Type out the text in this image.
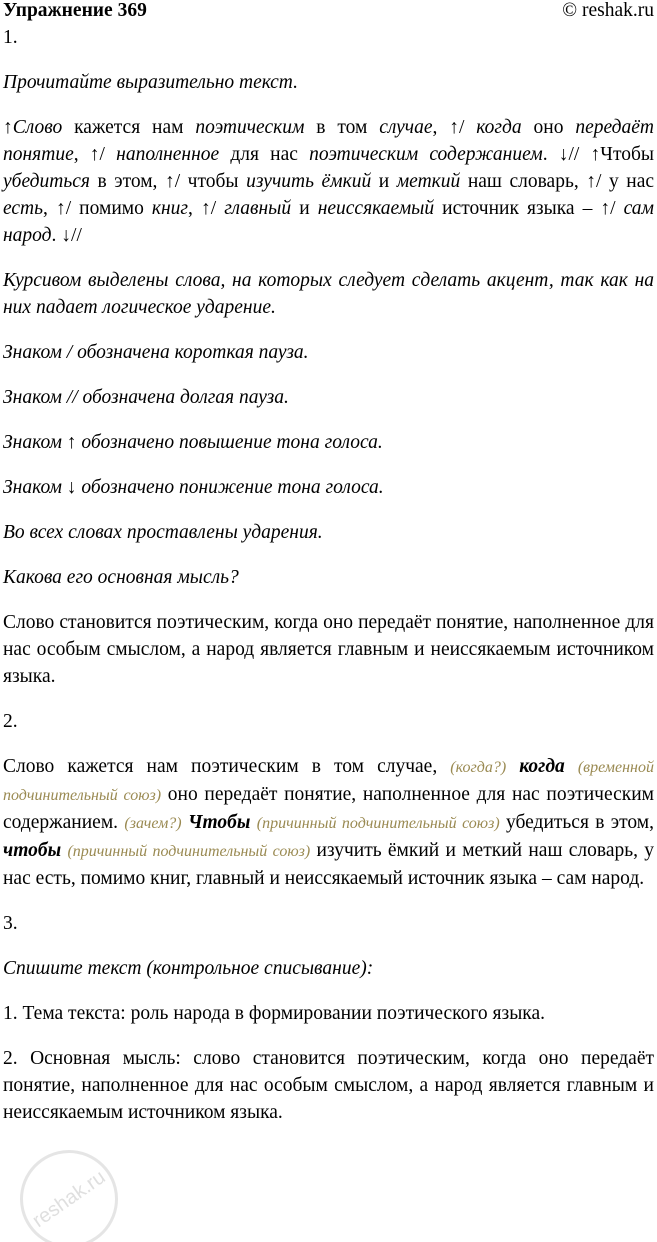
Упражнение 369	© reshak.ru

1.

Прочитайте выразительно текст.

↑Слово кажется нам поэтическим в том случае, ↑/ когда оно передаёт понятие, ↑/ наполненное для нас поэтическим содержанием. ↓// ↑Чтобы убедиться в этом, ↑/ чтобы изучить ёмкий и меткий наш словарь, ↑/ у нас есть, ↑/ помимо книг, ↑/ главный и неиссякаемый источник языка – ↑/ сам народ. ↓//

Курсивом выделены слова, на которых следует сделать акцент, так как на них падает логическое ударение.

Знаком / обозначена короткая пауза.

Знаком // обозначена долгая пауза.

Знаком ↑ обозначено повышение тона голоса.

Знаком ↓ обозначено понижение тона голоса.

Во всех словах проставлены ударения.

Какова его основная мысль?

Слово становится поэтическим, когда оно передаёт понятие, наполненное для нас особым смыслом, а народ является главным и неиссякаемым источником языка.

2.

Слово кажется нам поэтическим в том случае, (когда?) когда (временной подчинительный союз) оно передаёт понятие, наполненное для нас поэтическим содержанием. (зачем?) Чтобы (причинный подчинительный союз) убедиться в этом, чтобы (причинный подчинительный союз) изучить ёмкий и меткий наш словарь, у нас есть, помимо книг, главный и неиссякаемый источник языка – сам народ.

3.

Спишите текст (контрольное списывание):

1. Тема текста: роль народа в формировании поэтического языка.

2. Основная мысль: слово становится поэтическим, когда оно передаёт понятие, наполненное для нас особым смыслом, а народ является главным и неиссякаемым источником языка.

reshak.ru
